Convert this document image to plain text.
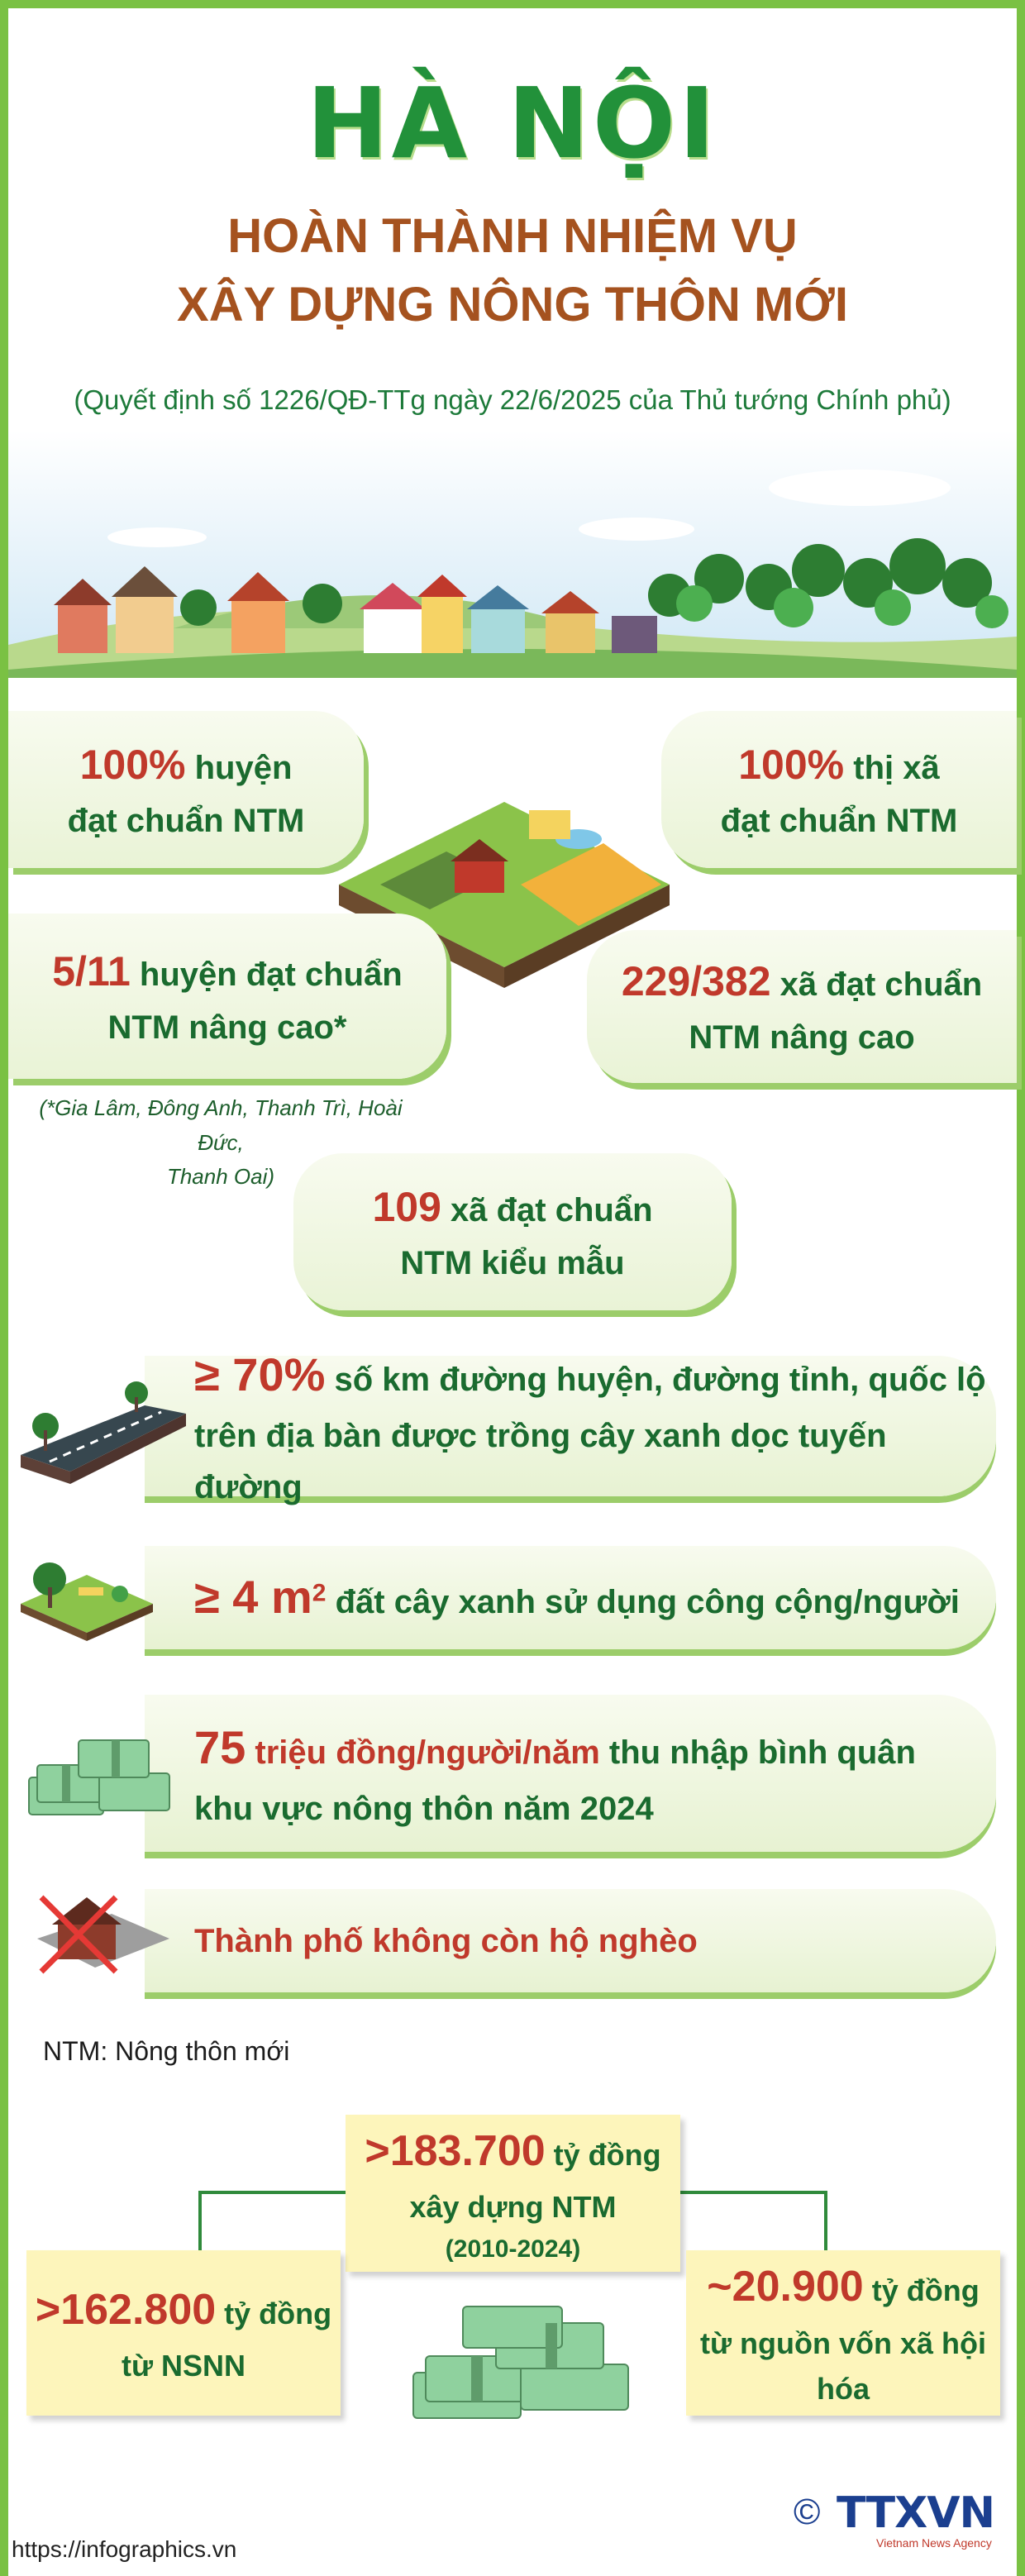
HÀ NỘI
HOÀN THÀNH NHIỆM VỤ
XÂY DỰNG NÔNG THÔN MỚI
(Quyết định số 1226/QĐ-TTg ngày 22/6/2025 của Thủ tướng Chính phủ)
100% huyện
đạt chuẩn NTM
100% thị xã
đạt chuẩn NTM
5/11 huyện đạt chuẩn
NTM nâng cao*
229/382 xã đạt chuẩn
NTM nâng cao
(*Gia Lâm, Đông Anh, Thanh Trì, Hoài Đức,
Thanh Oai)
109 xã đạt chuẩn
NTM kiểu mẫu
≥ 70% số km đường huyện, đường tỉnh, quốc lộ
trên địa bàn được trồng cây xanh dọc tuyến đường
≥ 4 $m^2$ đất cây xanh sử dụng công cộng/người
75 triệu đồng/người/năm thu nhập bình quân
khu vực nông thôn năm 2024
Thành phố không còn hộ nghèo
NTM: Nông thôn mới
>183.700 tỷ đồng
xây dựng NTM
(2010-2024)
>162.800 tỷ đồng
từ NSNN
~20.900 tỷ đồng
từ nguồn vốn xã hội hóa
https://infographics.vn
© TTXVN
Vietnam News Agency
